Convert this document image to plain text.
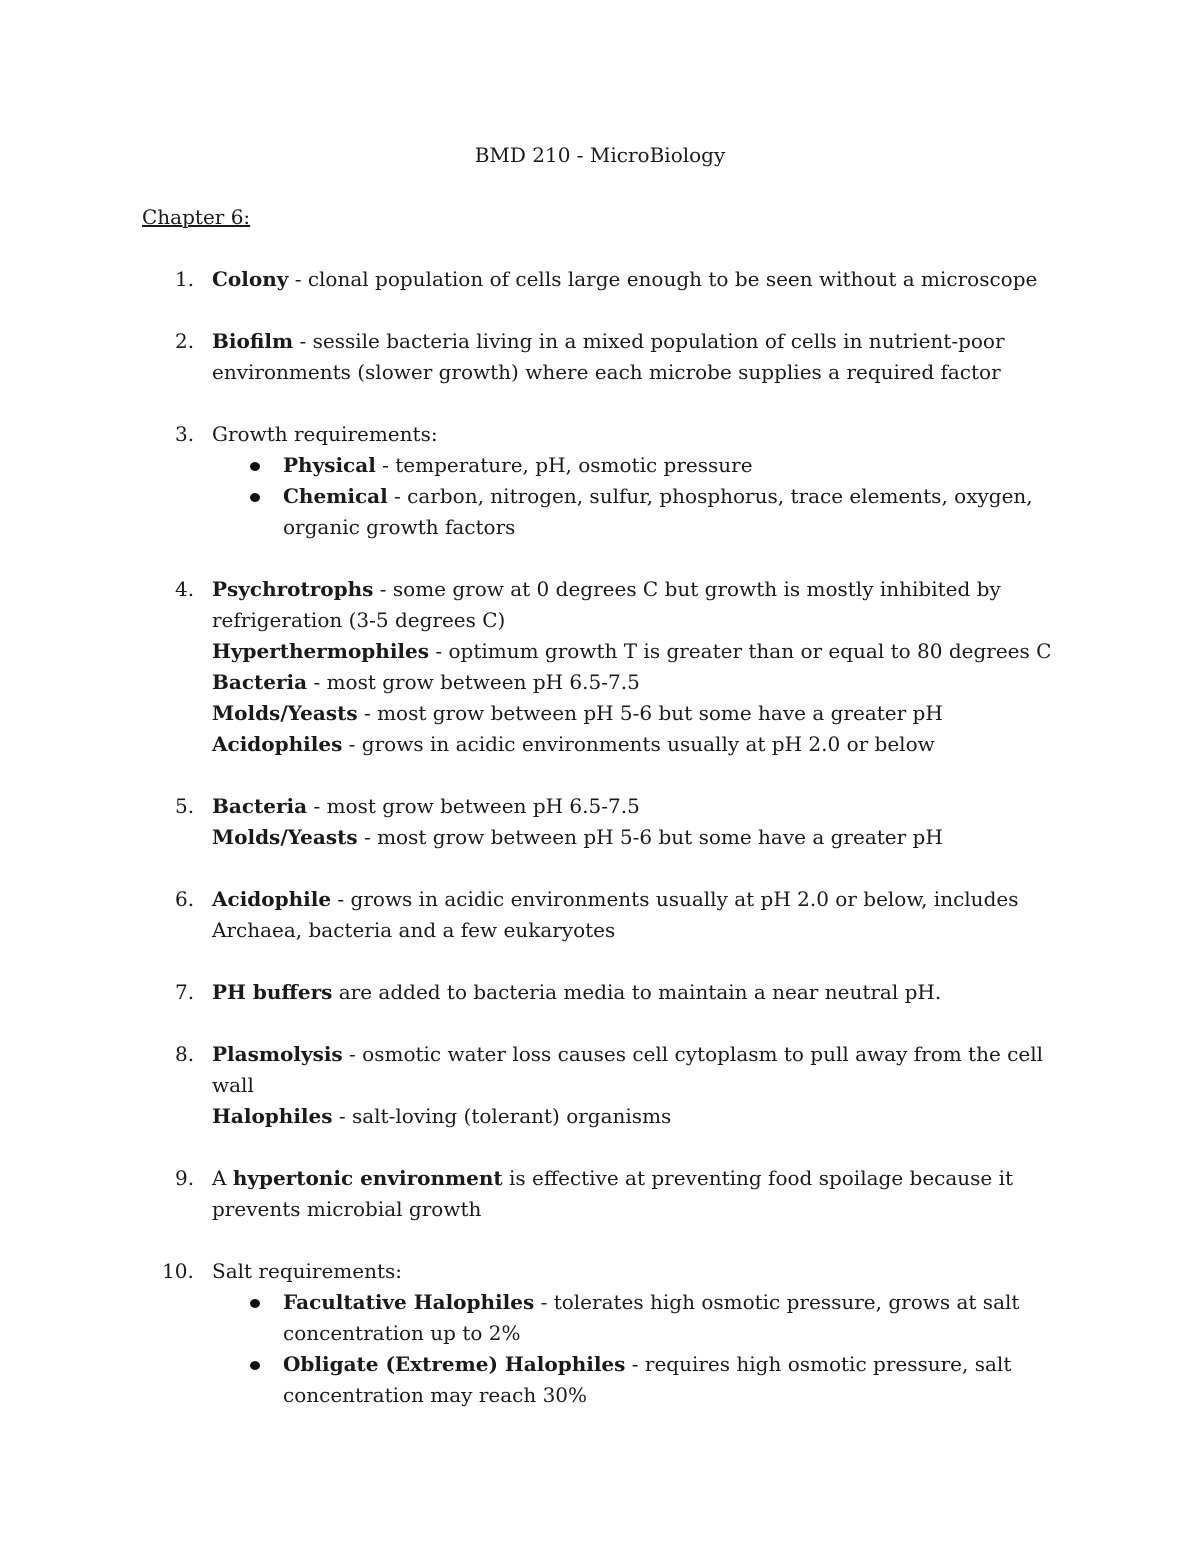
BMD 210 - MicroBiology
Chapter 6:
1. Colony - clonal population of cells large enough to be seen without a microscope
2. Biofilm - sessile bacteria living in a mixed population of cells in nutrient-poor environments (slower growth) where each microbe supplies a required factor
3. Growth requirements:
Physical - temperature, pH, osmotic pressure
Chemical - carbon, nitrogen, sulfur, phosphorus, trace elements, oxygen, organic growth factors
4. Psychrotrophs - some grow at 0 degrees C but growth is mostly inhibited by refrigeration (3-5 degrees C)
Hyperthermophiles - optimum growth T is greater than or equal to 80 degrees C
Bacteria - most grow between pH 6.5-7.5
Molds/Yeasts - most grow between pH 5-6 but some have a greater pH
Acidophiles - grows in acidic environments usually at pH 2.0 or below
5. Bacteria - most grow between pH 6.5-7.5
Molds/Yeasts - most grow between pH 5-6 but some have a greater pH
6. Acidophile - grows in acidic environments usually at pH 2.0 or below, includes Archaea, bacteria and a few eukaryotes
7. PH buffers are added to bacteria media to maintain a near neutral pH.
8. Plasmolysis - osmotic water loss causes cell cytoplasm to pull away from the cell wall
Halophiles - salt-loving (tolerant) organisms
9. A hypertonic environment is effective at preventing food spoilage because it prevents microbial growth
10. Salt requirements:
Facultative Halophiles - tolerates high osmotic pressure, grows at salt concentration up to 2%
Obligate (Extreme) Halophiles - requires high osmotic pressure, salt concentration may reach 30%
